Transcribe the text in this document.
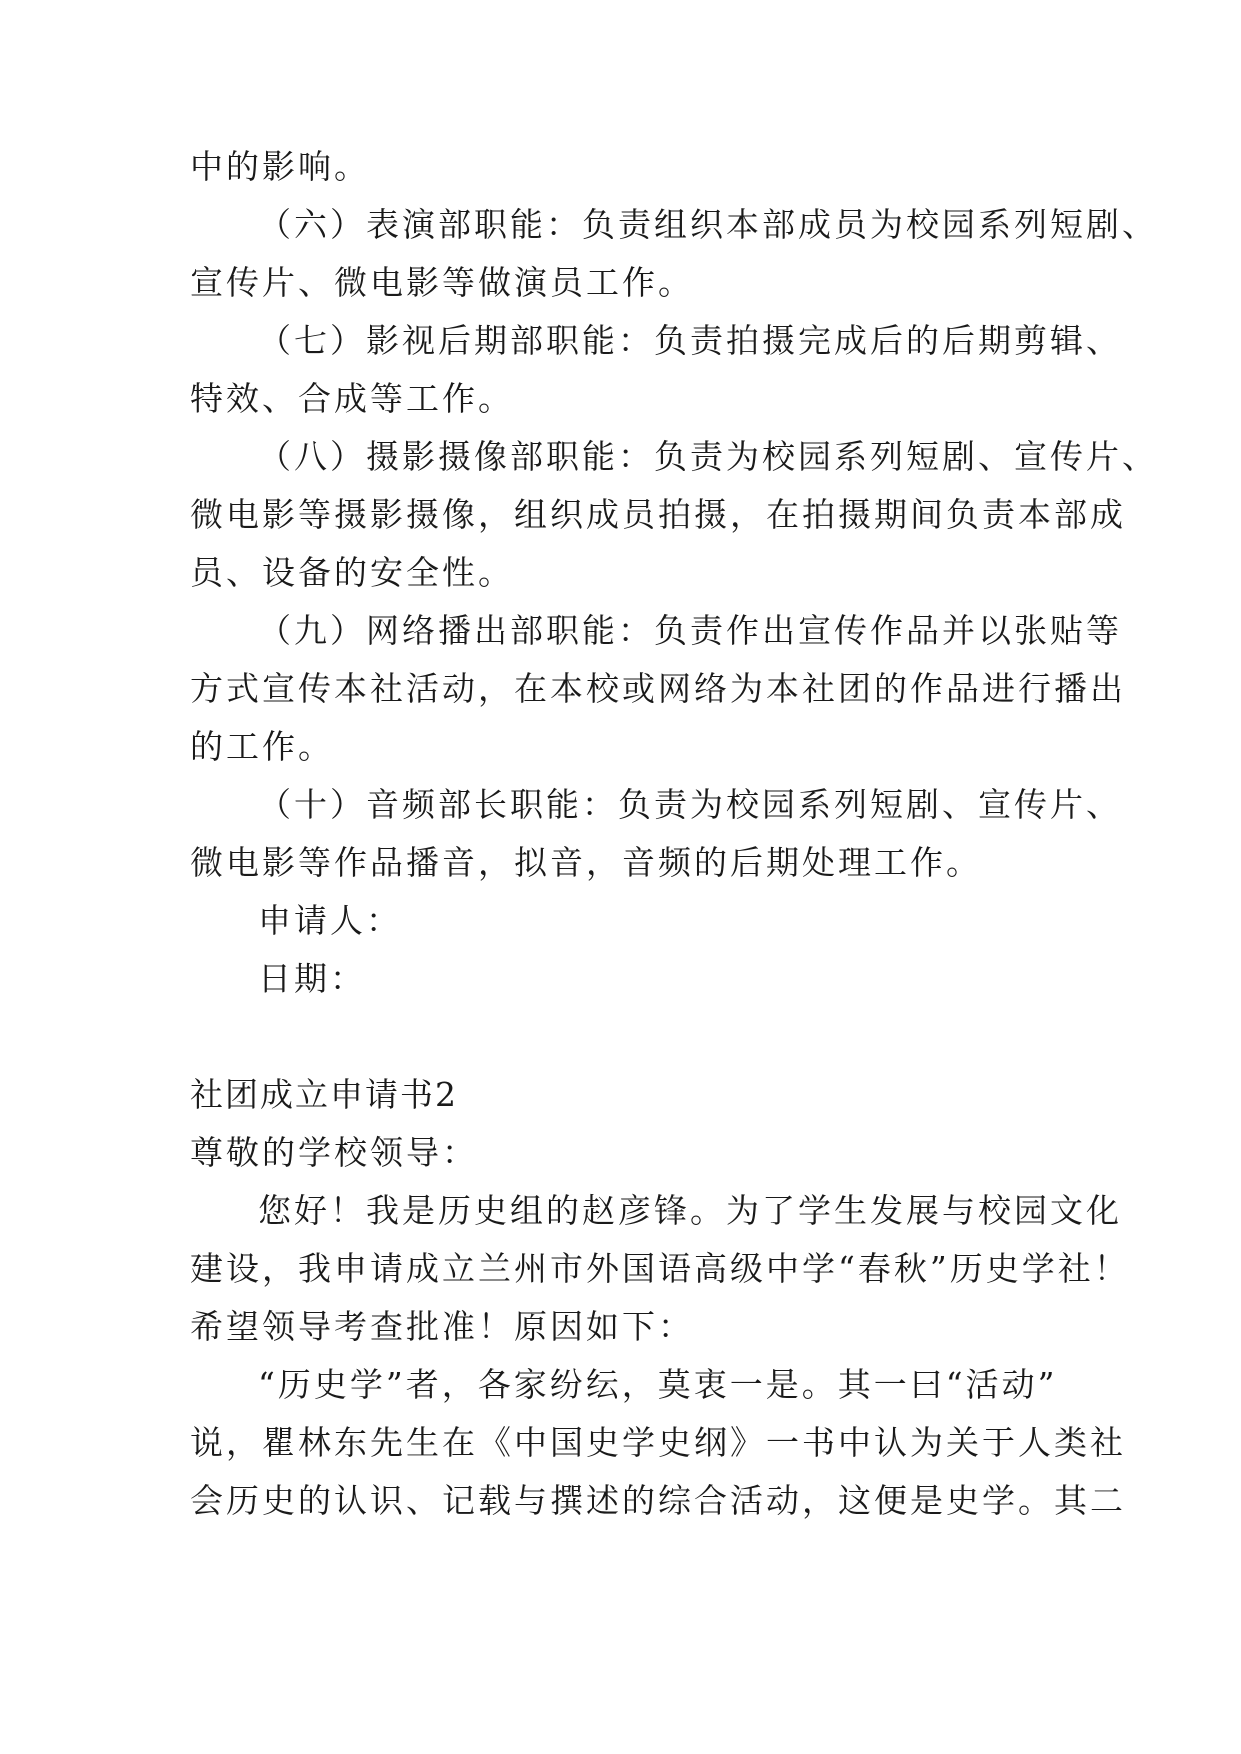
中的影响。

（六）表演部职能：负责组织本部成员为校园系列短剧、

宣传片、微电影等做演员工作。

（七）影视后期部职能：负责拍摄完成后的后期剪辑、

特效、合成等工作。

（八）摄影摄像部职能：负责为校园系列短剧、宣传片、

微电影等摄影摄像，组织成员拍摄，在拍摄期间负责本部成

员、设备的安全性。

（九）网络播出部职能：负责作出宣传作品并以张贴等

方式宣传本社活动，在本校或网络为本社团的作品进行播出

的工作。

（十）音频部长职能：负责为校园系列短剧、宣传片、

微电影等作品播音，拟音，音频的后期处理工作。

申请人：

日期：

社团成立申请书2

尊敬的学校领导：

您好！我是历史组的赵彦锋。为了学生发展与校园文化

建设，我申请成立兰州市外国语高级中学“春秋”历史学社！

希望领导考查批准！原因如下：

“历史学”者，各家纷纭，莫衷一是。其一曰“活动”

说，瞿林东先生在《中国史学史纲》一书中认为关于人类社

会历史的认识、记载与撰述的综合活动，这便是史学。其二
